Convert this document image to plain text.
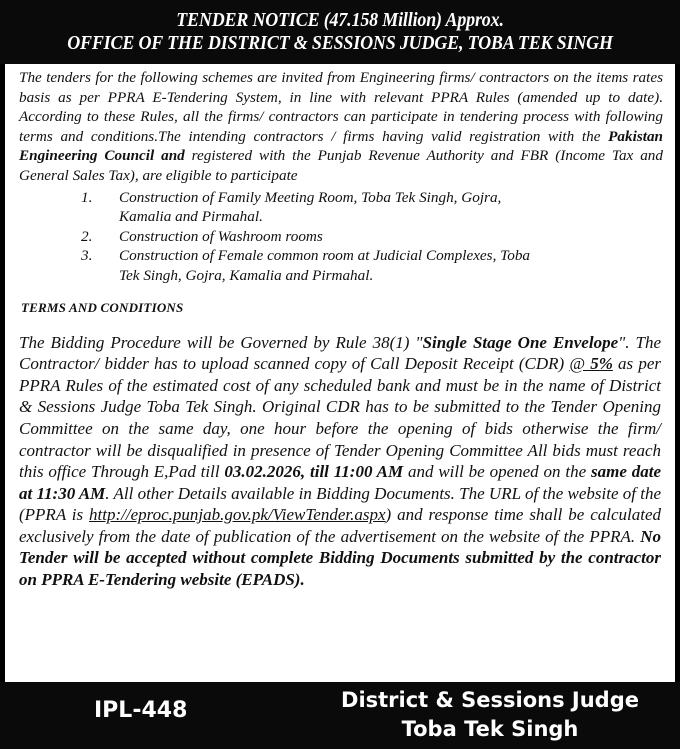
TENDER NOTICE (47.158 Million) Approx.
OFFICE OF THE DISTRICT & SESSIONS JUDGE, TOBA TEK SINGH

The tenders for the following schemes are invited from Engineering firms/ contractors on the items rates basis as per PPRA E-Tendering System, in line with relevant PPRA Rules (amended up to date). According to these Rules, all the firms/ contractors can participate in tendering process with following terms and conditions.The intending contractors / firms having valid registration with the Pakistan Engineering Council and registered with the Punjab Revenue Authority and FBR (Income Tax and General Sales Tax), are eligible to participate

1.	Construction of Family Meeting Room, Toba Tek Singh, Gojra, Kamalia and Pirmahal.
2.	Construction of Washroom rooms
3.	Construction of Female common room at Judicial Complexes, Toba Tek Singh, Gojra, Kamalia and Pirmahal.
TERMS AND CONDITIONS

The Bidding Procedure will be Governed by Rule 38(1) "Single Stage One Envelope". The Contractor/ bidder has to upload scanned copy of Call Deposit Receipt (CDR) @ 5% as per PPRA Rules of the estimated cost of any scheduled bank and must be in the name of District & Sessions Judge Toba Tek Singh. Original CDR has to be submitted to the Tender Opening Committee on the same day, one hour before the opening of bids otherwise the firm/ contractor will be disqualified in presence of Tender Opening Committee All bids must reach this office Through E,Pad till 03.02.2026, till 11:00 AM and will be opened on the same date at 11:30 AM. All other Details available in Bidding Documents. The URL of the website of the (PPRA is http://eproc.punjab.gov.pk/ViewTender.aspx) and response time shall be calculated exclusively from the date of publication of the advertisement on the website of the PPRA. No Tender will be accepted without complete Bidding Documents submitted by the contractor on PPRA E-Tendering website (EPADS).

IPL-448	District & Sessions Judge
Toba Tek Singh
